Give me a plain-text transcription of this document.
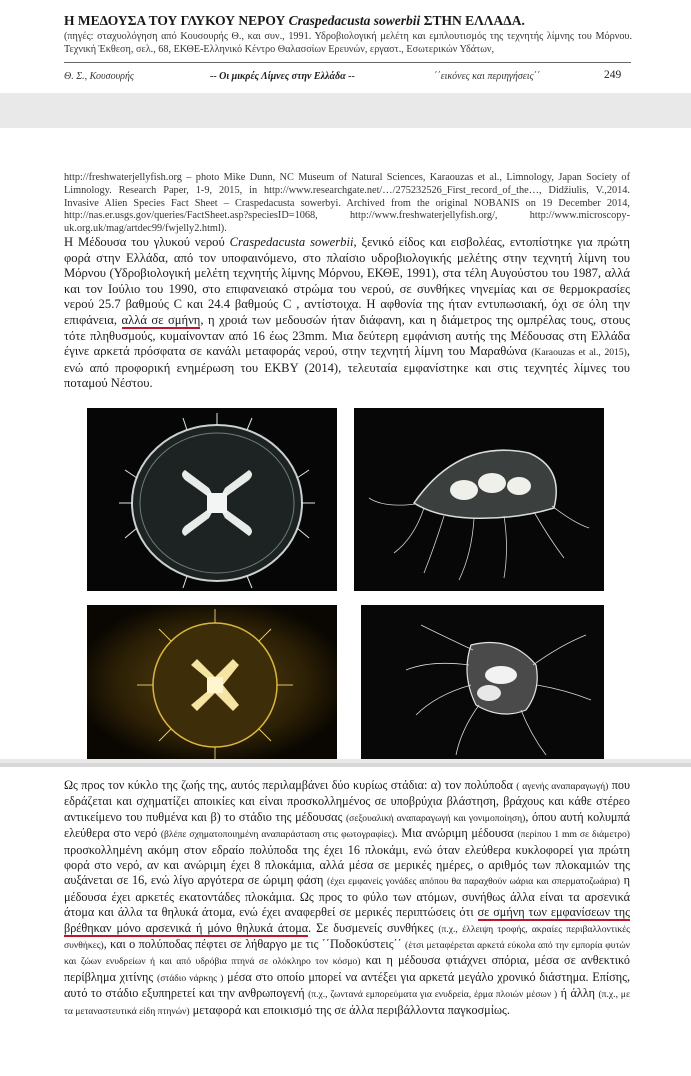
Η ΜΕΔΟΥΣΑ ΤΟΥ ΓΛΥΚΟΥ ΝΕΡΟΥ Craspedacusta sowerbii ΣΤΗΝ ΕΛΛΑΔΑ.
(πηγές: σταχυολόγηση από Κουσουρής Θ., και συν., 1991. Υδροβιολογική μελέτη και εμπλουτισμός της τεχνητής λίμνης του Μόρνου. Τεχνική Έκθεση, σελ., 68, ΕΚΘΕ-Ελληνικό Κέντρο Θαλασσίων Ερευνών, εργαστ., Εσωτερικών Υδάτων,
Θ. Σ., Κουσουρής	-- Οι μικρές Λίμνες στην Ελλάδα --	΄΄εικόνες και περιηγήσεις΄΄	249
http://freshwaterjellyfish.org – photo Mike Dunn, NC Museum of Natural Sciences, Karaouzas et al., Limnology, Japan Society of Limnology. Research Paper, 1-9, 2015, in http://www.researchgate.net/…/275232526_First_record_of_the…, Didžiulis, V.,2014. Invasive Alien Species Fact Sheet – Craspedacusta sowerbyi. Archived from the original NOBANIS on 19 December 2014, http://nas.er.usgs.gov/queries/FactSheet.asp?speciesID=1068, http://www.freshwaterjellyfish.org/, http://www.microscopy-uk.org.uk/mag/artdec99/fwjelly2.html).
Η Μέδουσα του γλυκού νερού Craspedacusta sowerbii, ξενικό είδος και εισβολέας, εντοπίστηκε για πρώτη φορά στην Ελλάδα, από τον υποφαινόμενο, στο πλαίσιο υδροβιολογικής μελέτης στην τεχνητή λίμνη του Μόρνου (Υδροβιολογική μελέτη τεχνητής λίμνης Μόρνου, ΕΚΘΕ, 1991), στα τέλη Αυγούστου του 1987, αλλά και τον Ιούλιο του 1990, στο επιφανειακό στρώμα του νερού, σε συνθήκες νηνεμίας και σε θερμοκρασίες νερού 25.7 βαθμούς C και 24.4 βαθμούς C , αντίστοιχα. Η αφθονία της ήταν εντυπωσιακή, όχι σε όλη την επιφάνεια, αλλά σε σμήνη, η χροιά των μεδουσών ήταν διάφανη, και η διάμετρος της ομπρέλας τους, στους τότε πληθυσμούς, κυμαίνονταν από 16 έως 23mm. Μια δεύτερη εμφάνιση αυτής της Μέδουσας στη Ελλάδα έγινε αρκετά πρόσφατα σε κανάλι μεταφοράς νερού, στην τεχνητή λίμνη του Μαραθώνα (Karaouzas et al., 2015), ενώ από προφορική ενημέρωση του ΕΚΒΥ (2014), τελευταία εμφανίστηκε και στις τεχνητές λίμνες του ποταμού Νέστου.
Ως προς τον κύκλο της ζωής της, αυτός περιλαμβάνει δύο κυρίως στάδια: α) τον πολύποδα ( αγενής αναπαραγωγή) που εδράζεται και σχηματίζει αποικίες και είναι προσκολλημένος σε υποβρύχια βλάστηση, βράχους και κάθε στέρεο αντικείμενο του πυθμένα και β) το στάδιο της μέδουσας (σεξουαλική αναπαραγωγή και γονιμοποίηση), όπου αυτή κολυμπά ελεύθερα στο νερό (βλέπε σχηματοποιημένη αναπαράσταση στις φωτογραφίες). Μια ανώριμη μέδουσα (περίπου 1 mm σε διάμετρο) προσκολλημένη ακόμη στον εδραίο πολύποδα της έχει 16 πλοκάμι, ενώ όταν ελεύθερα κυκλοφορεί για πρώτη φορά στο νερό, αν και ανώριμη έχει 8 πλοκάμια, αλλά μέσα σε μερικές ημέρες, ο αριθμός των πλοκαμιών της αυξάνεται σε 16, ενώ λίγο αργότερα σε ώριμη φάση (έχει εμφανείς γονάδες απόπου θα παραχθούν ωάρια και σπερματοζωάρια) η μέδουσα έχει αρκετές εκατοντάδες πλοκάμια. Ως προς το φύλο των ατόμων, συνήθως άλλα είναι τα αρσενικά άτομα και άλλα τα θηλυκά άτομα, ενώ έχει αναφερθεί σε μερικές περιπτώσεις ότι σε σμήνη των εμφανίσεων της βρέθηκαν μόνο αρσενικά ή μόνο θηλυκά άτομα. Σε δυσμενείς συνθήκες (π.χ., έλλειψη τροφής, ακραίες περιβαλλοντικές συνθήκες), και ο πολύποδας πέφτει σε λήθαργο με τις ΄΄Ποδοκύστεις΄΄ (έτσι μεταφέρεται αρκετά εύκολα από την εμπορία φυτών και ζώων ενυδρείων ή και από υδρόβια πτηνά σε ολόκληρο τον κόσμο) και η μέδουσα φτιάχνει σπόρια, μέσα σε ανθεκτικό περίβλημα χιτίνης (στάδιο νάρκης ) μέσα στο οποίο μπορεί να αντέξει για αρκετά μεγάλο χρονικό διάστημα. Επίσης, αυτό το στάδιο εξυπηρετεί και την ανθρωπογενή (π.χ., ζωντανά εμπορεύματα για ενυδρεία, έρμα πλοιών μέσων ) ή άλλη (π.χ., με τα μεταναστευτικά είδη πτηνών) μεταφορά και εποικισμό της σε άλλα περιβάλλοντα παγκοσμίως.
